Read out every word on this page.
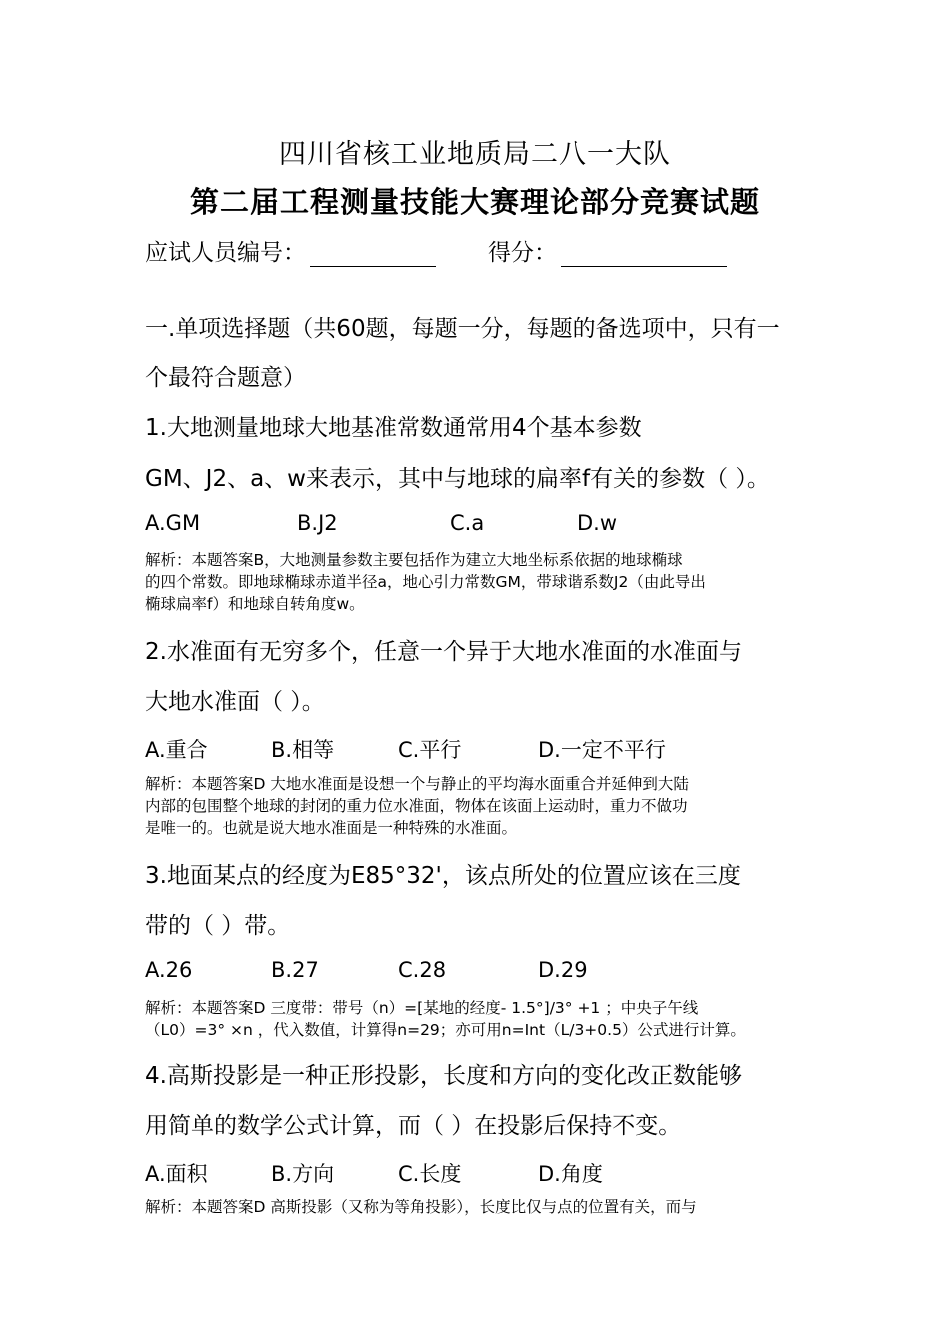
四川省核工业地质局二八一大队
第二届工程测量技能大赛理论部分竞赛试题
应试人员编号：	得分：
一.单项选择题（共60题，每题一分，每题的备选项中，只有一
个最符合题意）
1.大地测量地球大地基准常数通常用4个基本参数
GM、J2、a、w来表示，其中与地球的扁率f有关的参数（ ）。
A.GM	B.J2	C.a	D.w
解析：本题答案B，大地测量参数主要包括作为建立大地坐标系依据的地球椭球
的四个常数。即地球椭球赤道半径a，地心引力常数GM，带球谐系数J2（由此导出
椭球扁率f）和地球自转角度w。
2.水准面有无穷多个，任意一个异于大地水准面的水准面与
大地水准面（ ）。
A.重合	B.相等	C.平行	D.一定不平行
解析：本题答案D 大地水准面是设想一个与静止的平均海水面重合并延伸到大陆
内部的包围整个地球的封闭的重力位水准面，物体在该面上运动时，重力不做功
是唯一的。也就是说大地水准面是一种特殊的水准面。
3.地面某点的经度为E85°32'，该点所处的位置应该在三度
带的（ ）带。
A.26	B.27	C.28	D.29
解析：本题答案D 三度带：带号（n）=[某地的经度- 1.5°]/3° +1 ；中央子午线
（L0）=3° ×n ，代入数值，计算得n=29；亦可用n=Int（L/3+0.5）公式进行计算。
4.高斯投影是一种正形投影，长度和方向的变化改正数能够
用简单的数学公式计算，而（ ）在投影后保持不变。
A.面积	B.方向	C.长度	D.角度
解析：本题答案D 高斯投影（又称为等角投影），长度比仅与点的位置有关，而与
